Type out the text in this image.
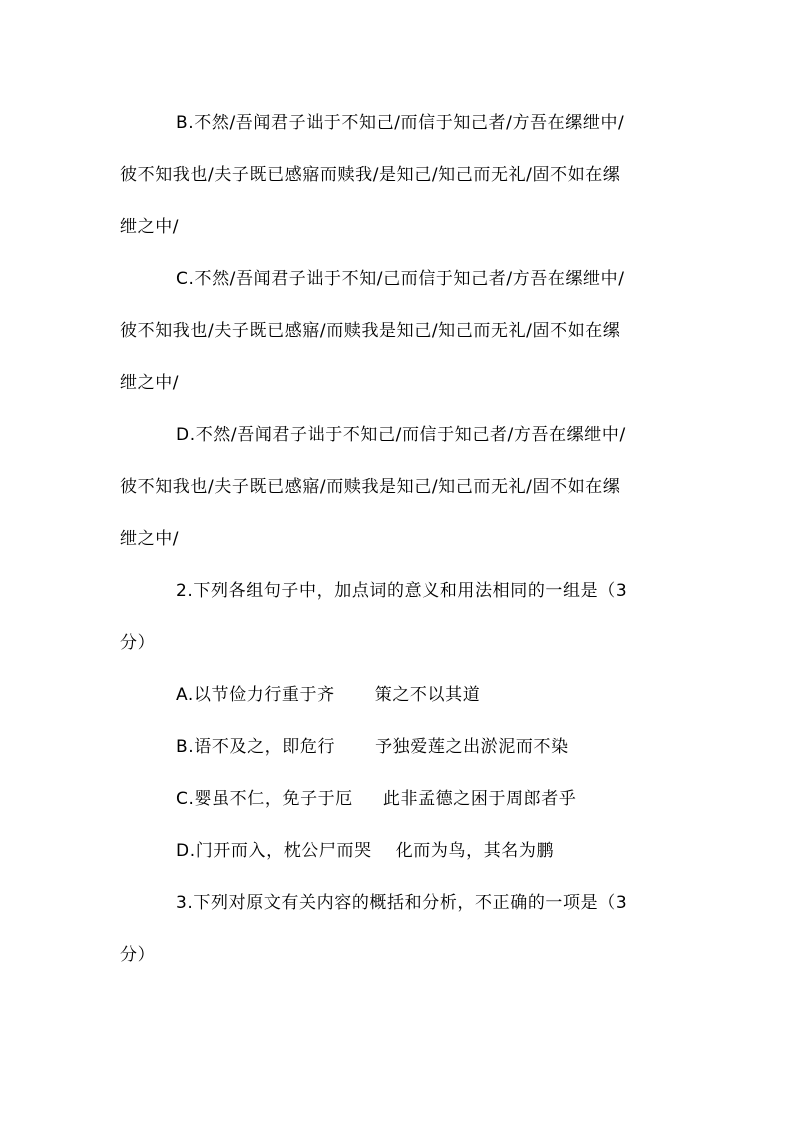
B.不然/吾闻君子诎于不知己/而信于知己者/方吾在缧绁中/
彼不知我也/夫子既已感寤而赎我/是知己/知己而无礼/固不如在缧
绁之中/
C.不然/吾闻君子诎于不知/己而信于知己者/方吾在缧绁中/
彼不知我也/夫子既已感寤/而赎我是知己/知己而无礼/固不如在缧
绁之中/
D.不然/吾闻君子诎于不知己/而信于知己者/方吾在缧绁中/
彼不知我也/夫子既已感寤/而赎我是知己/知己而无礼/固不如在缧
绁之中/
2.下列各组句子中，加点词的意义和用法相同的一组是（3
分）
A.以节俭力行重于齐 策之不以其道
B.语不及之，即危行 予独爱莲之出淤泥而不染
C.婴虽不仁，免子于厄 此非孟德之困于周郎者乎
D.门开而入，枕公尸而哭 化而为鸟，其名为鹏
3.下列对原文有关内容的概括和分析，不正确的一项是（3
分）
